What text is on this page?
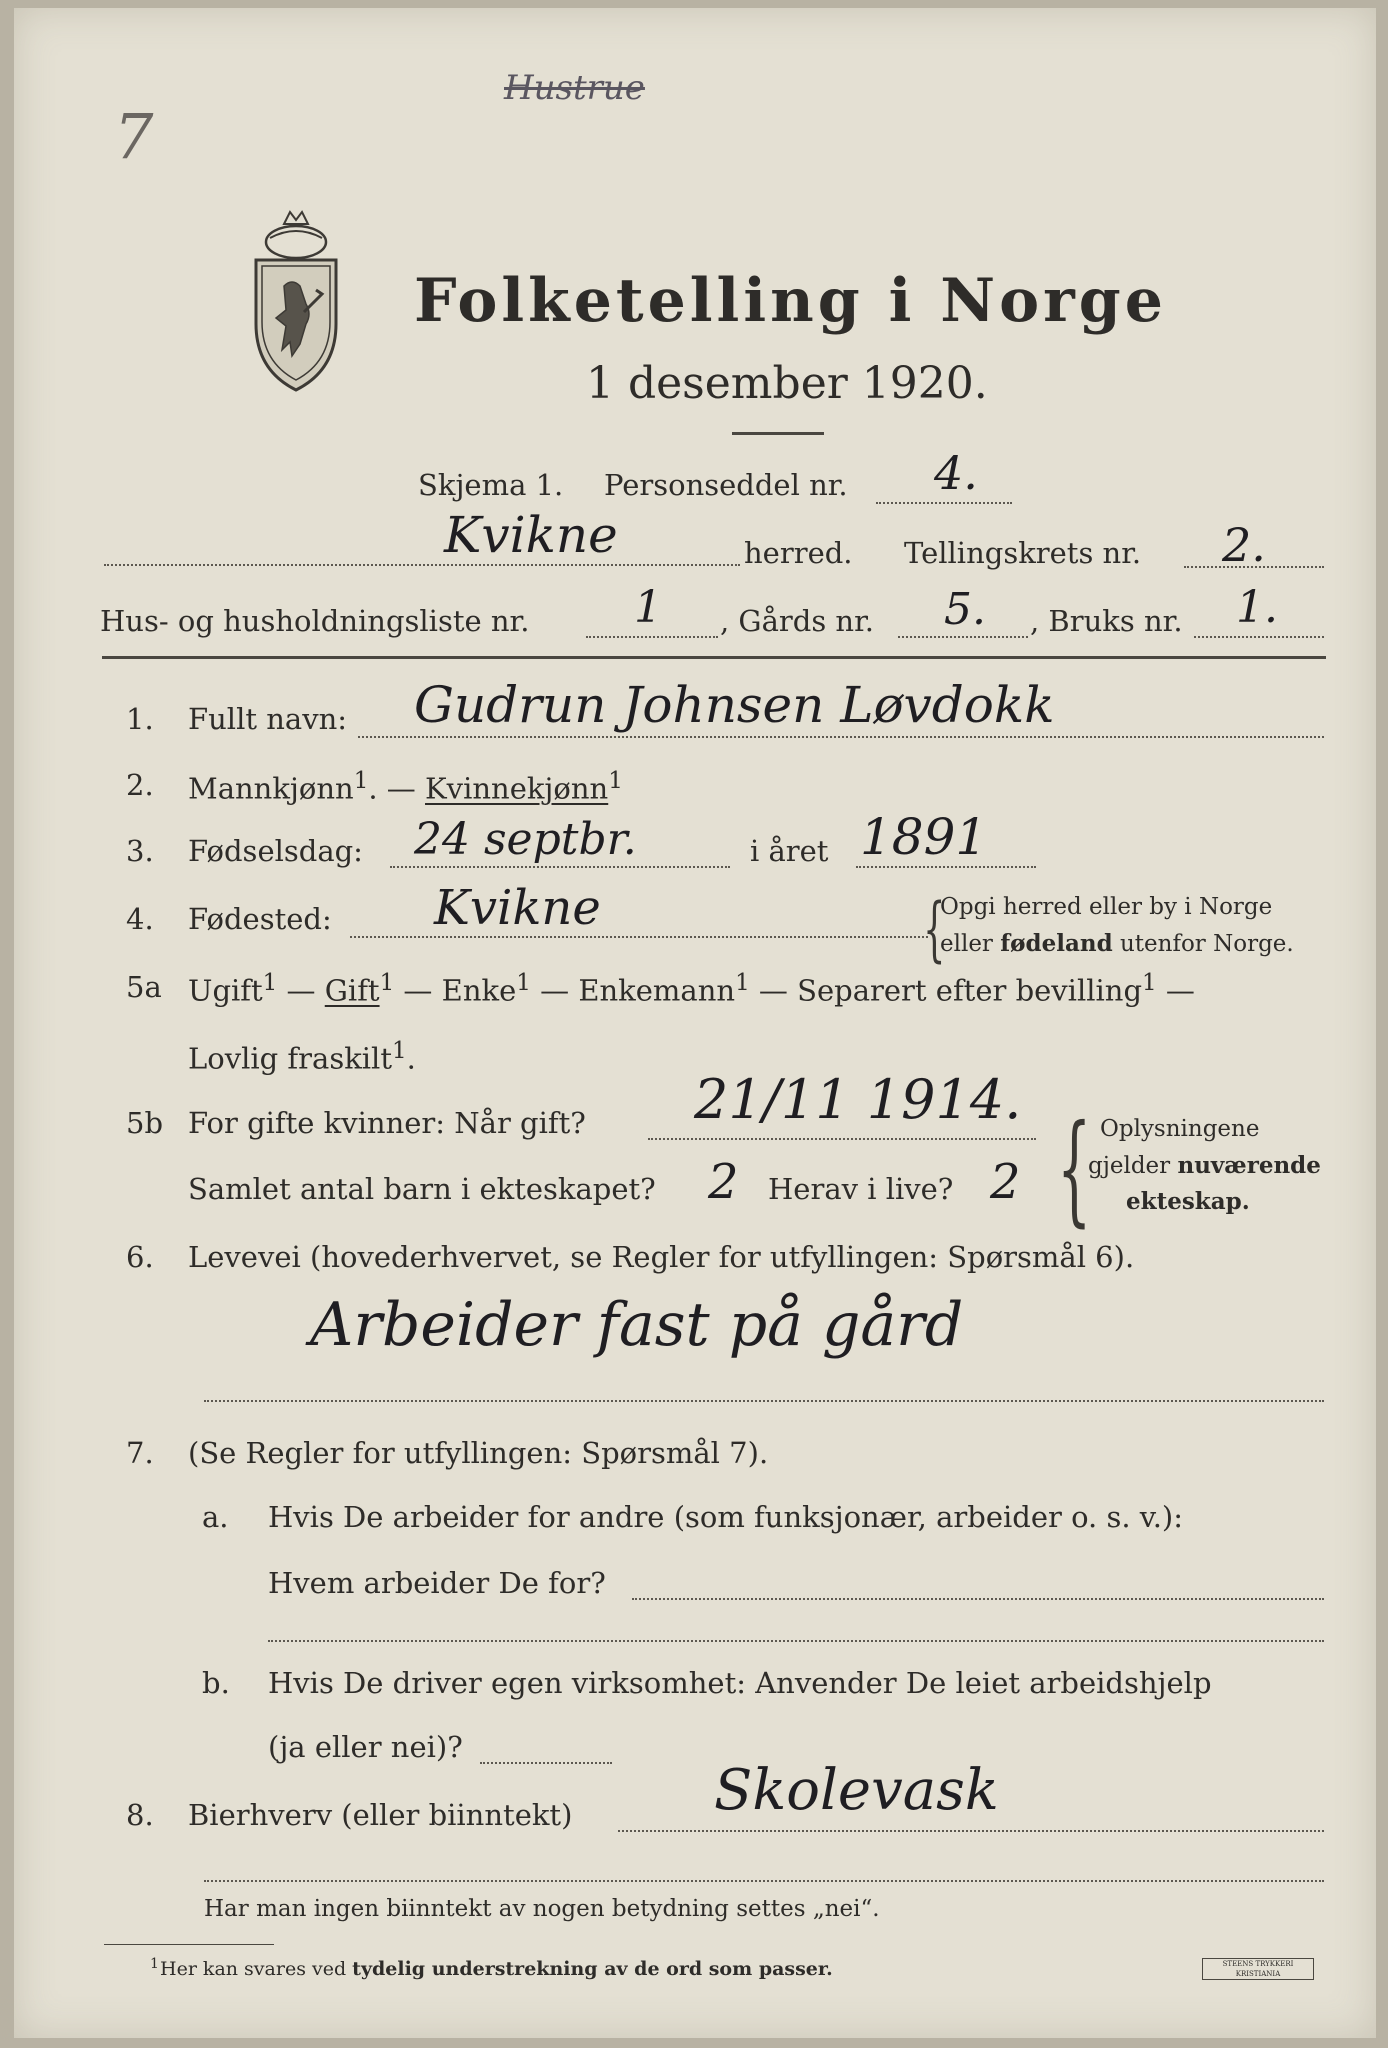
7
Hustrue
Folketelling i Norge
1 desember 1920.
Skjema 1. Personseddel nr. 4.
Kvikne	herred. Tellingskrets nr. 2.
Hus- og husholdningsliste nr. 1 , Gårds nr. 5. , Bruks nr. 1.
1. Fullt navn: Gudrun Johnsen Løvdokk
2. Mannkjønn$^1$. — Kvinnekjønn$^1$
3. Fødselsdag: 24 septbr.	i året 1891
4. Fødested: Kvikne	{
Opgi herred eller by i Norge
eller fødeland utenfor Norge.
5a Ugift$^1$ — Gift$^1$ — Enke$^1$ — Enkemann$^1$ — Separert efter bevilling$^1$ —
Lovlig fraskilt$^1$.
5b For gifte kvinner: Når gift? 21/11 1914.
Samlet antal barn i ekteskapet? 2 Herav i live? 2 { Oplysningene
gjelder nuværende
ekteskap.
6. Levevei (hovederhvervet, se Regler for utfyllingen: Spørsmål 6).
Arbeider fast på gård
7. (Se Regler for utfyllingen: Spørsmål 7).
a. Hvis De arbeider for andre (som funksjonær, arbeider o. s. v.):
Hvem arbeider De for?
b. Hvis De driver egen virksomhet: Anvender De leiet arbeidshjelp
(ja eller nei)?
8. Bierhverv (eller biinntekt)	Skolevask
Har man ingen biinntekt av nogen betydning settes „nei“.
1 Her kan svares ved tydelig understrekning av de ord som passer.	STEENS TRYKKERI KRISTIANIA
